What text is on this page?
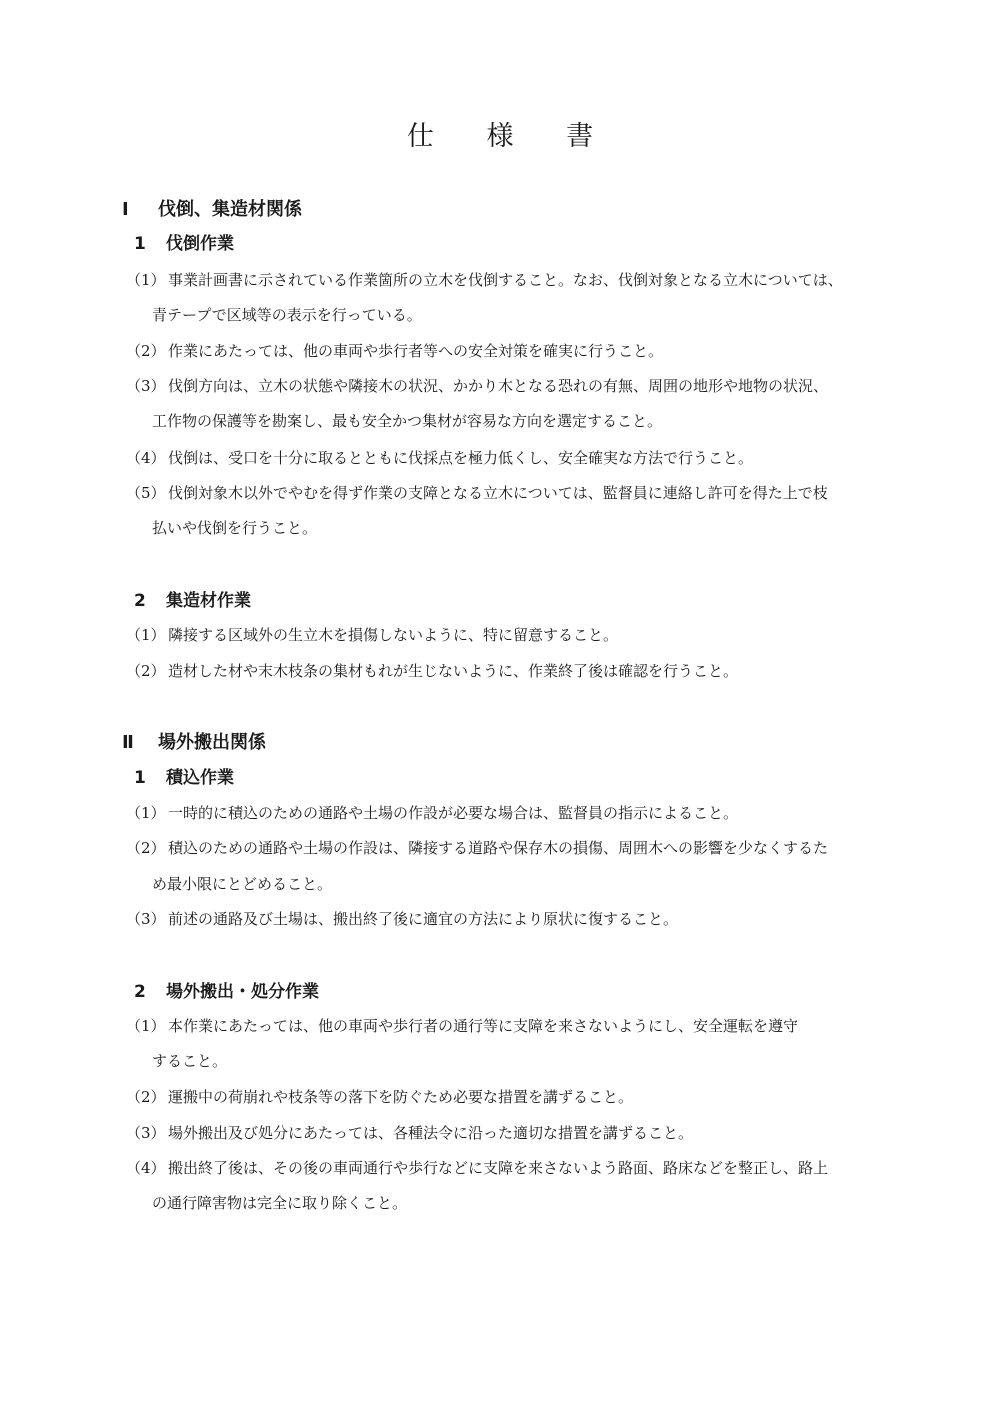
仕 様 書
Ⅰ 伐倒、集造材関係
1 伐倒作業
（1） 事業計画書に示されている作業箇所の立木を伐倒すること。なお、伐倒対象となる立木については、
青テープで区域等の表示を行っている。
（2） 作業にあたっては、他の車両や歩行者等への安全対策を確実に行うこと。
（3） 伐倒方向は、立木の状態や隣接木の状況、かかり木となる恐れの有無、周囲の地形や地物の状況、
工作物の保護等を勘案し、最も安全かつ集材が容易な方向を選定すること。
（4） 伐倒は、受口を十分に取るとともに伐採点を極力低くし、安全確実な方法で行うこと。
（5） 伐倒対象木以外でやむを得ず作業の支障となる立木については、監督員に連絡し許可を得た上で枝
払いや伐倒を行うこと。
2 集造材作業
（1） 隣接する区域外の生立木を損傷しないように、特に留意すること。
（2） 造材した材や末木枝条の集材もれが生じないように、作業終了後は確認を行うこと。
Ⅱ 場外搬出関係
1 積込作業
（1） 一時的に積込のための通路や土場の作設が必要な場合は、監督員の指示によること。
（2） 積込のための通路や土場の作設は、隣接する道路や保存木の損傷、周囲木への影響を少なくするた
め最小限にとどめること。
（3） 前述の通路及び土場は、搬出終了後に適宜の方法により原状に復すること。
2 場外搬出・処分作業
（1） 本作業にあたっては、他の車両や歩行者の通行等に支障を来さないようにし、安全運転を遵守
すること。
（2） 運搬中の荷崩れや枝条等の落下を防ぐため必要な措置を講ずること。
（3） 場外搬出及び処分にあたっては、各種法令に沿った適切な措置を講ずること。
（4） 搬出終了後は、その後の車両通行や歩行などに支障を来さないよう路面、路床などを整正し、路上
の通行障害物は完全に取り除くこと。
